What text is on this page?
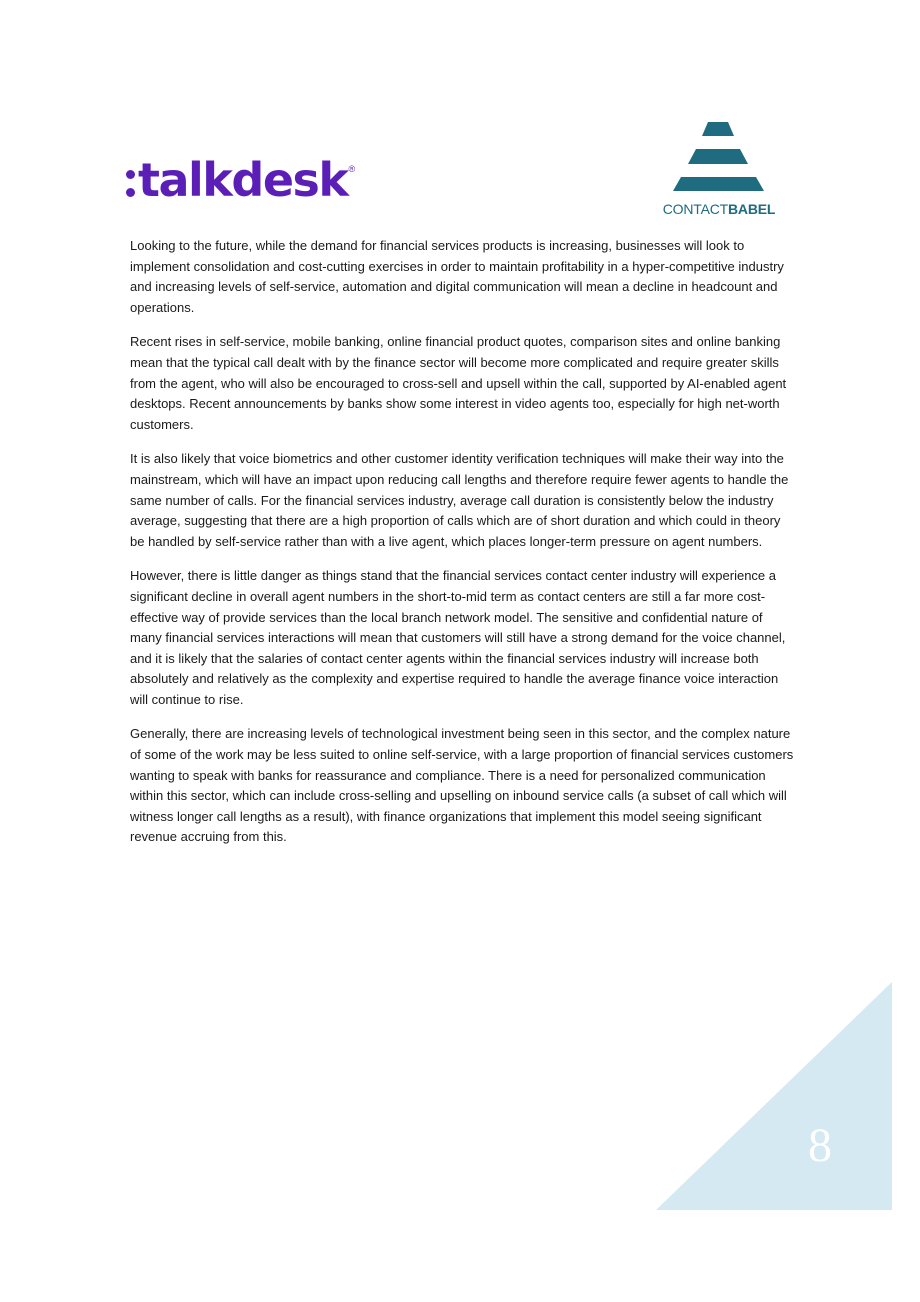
talkdesk ®
CONTACTBABEL

Looking to the future, while the demand for financial services products is increasing, businesses will look to implement consolidation and cost-cutting exercises in order to maintain profitability in a hyper-competitive industry and increasing levels of self-service, automation and digital communication will mean a decline in headcount and operations.

Recent rises in self-service, mobile banking, online financial product quotes, comparison sites and online banking mean that the typical call dealt with by the finance sector will become more complicated and require greater skills from the agent, who will also be encouraged to cross-sell and upsell within the call, supported by AI-enabled agent desktops. Recent announcements by banks show some interest in video agents too, especially for high net-worth customers.

It is also likely that voice biometrics and other customer identity verification techniques will make their way into the mainstream, which will have an impact upon reducing call lengths and therefore require fewer agents to handle the same number of calls. For the financial services industry, average call duration is consistently below the industry average, suggesting that there are a high proportion of calls which are of short duration and which could in theory be handled by self-service rather than with a live agent, which places longer-term pressure on agent numbers.

However, there is little danger as things stand that the financial services contact center industry will experience a significant decline in overall agent numbers in the short-to-mid term as contact centers are still a far more cost-effective way of provide services than the local branch network model. The sensitive and confidential nature of many financial services interactions will mean that customers will still have a strong demand for the voice channel, and it is likely that the salaries of contact center agents within the financial services industry will increase both absolutely and relatively as the complexity and expertise required to handle the average finance voice interaction will continue to rise.

Generally, there are increasing levels of technological investment being seen in this sector, and the complex nature of some of the work may be less suited to online self-service, with a large proportion of financial services customers wanting to speak with banks for reassurance and compliance. There is a need for personalized communication within this sector, which can include cross-selling and upselling on inbound service calls (a subset of call which will witness longer call lengths as a result), with finance organizations that implement this model seeing significant revenue accruing from this.

8
